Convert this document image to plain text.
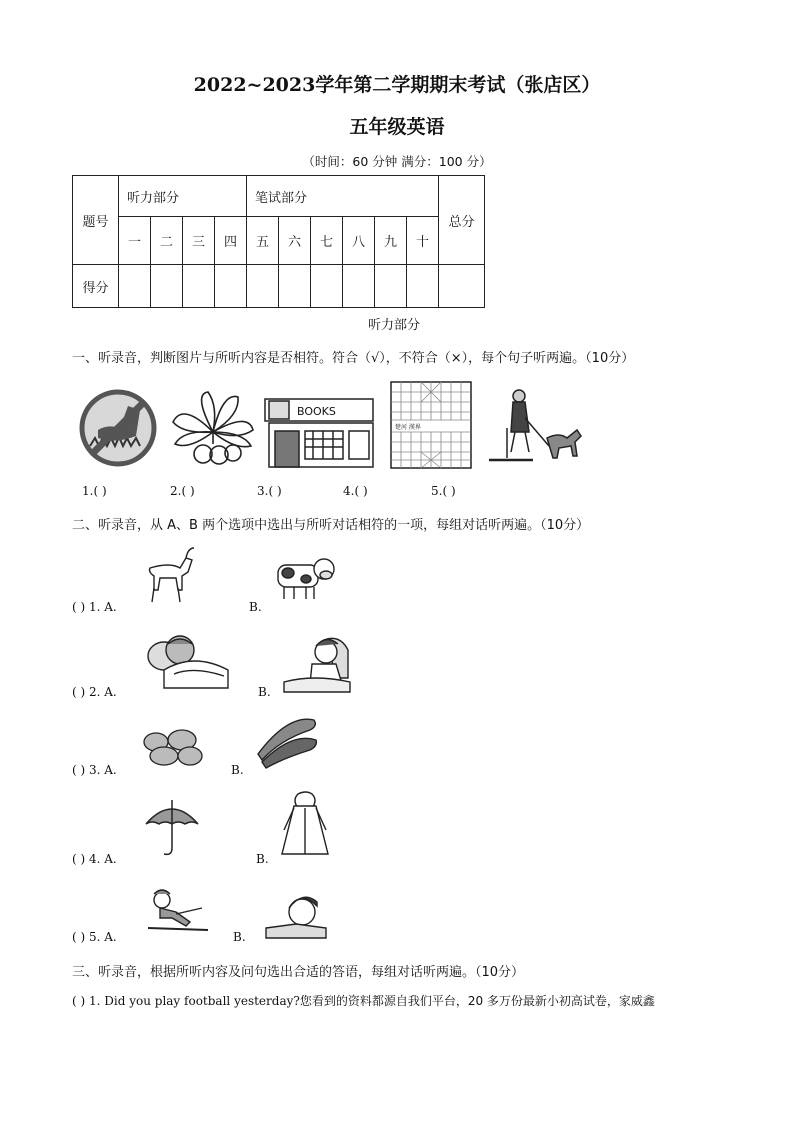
2022~2023学年第二学期期末考试（张店区）
五年级英语
（时间：60 分钟 满分：100 分）
题号	听力部分				笔试部分						总分
	一	二	三	四	五	六	七	八	九	十	
得分											
听力部分
一、听录音，判断图片与所听内容是否相符。符合（√），不符合（×），每个句子听两遍。（10分）
BOOKS
楚河 漢界
1.( )	2.( )	3.( )	4.( )	5.( )
二、听录音，从 A、B 两个选项中选出与所听对话相符的一项，每组对话听两遍。（10分）
( ) 1. A.	B.
( ) 2. A.	B.
( ) 3. A.	B.
( ) 4. A.	B.
( ) 5. A.	B.
三、听录音，根据所听内容及问句选出合适的答语，每组对话听两遍。（10分）
( ) 1. Did you play football yesterday?您看到的资料都源自我们平台，20 多万份最新小初高试卷，家威鑫
